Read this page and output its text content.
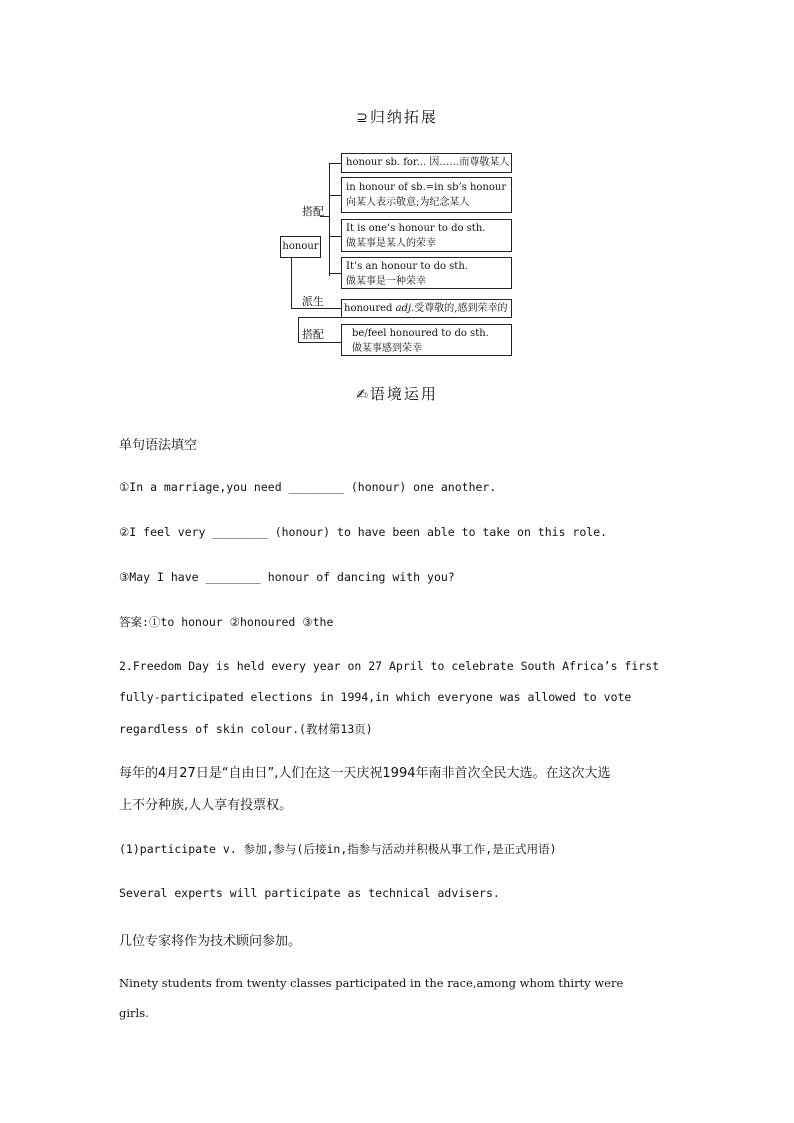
⊇ 归纳拓展
honour
搭配
派生
搭配
honour sb. for... 因……而尊敬某人
in honour of sb.=in sb’s honour
向某人表示敬意;为纪念某人
It is one’s honour to do sth.
做某事是某人的荣幸
It’s an honour to do sth.
做某事是一种荣幸
honoured adj.受尊敬的,感到荣幸的
be/feel honoured to do sth.
做某事感到荣幸
✍ 语境运用
单句语法填空
①In a marriage,you need ________ (honour) one another.
②I feel very ________ (honour) to have been able to take on this role.
③May I have ________ honour of dancing with you?
答案:①to honour ②honoured ③the
2.Freedom Day is held every year on 27 April to celebrate South Africa’s first
fully-participated elections in 1994,in which everyone was allowed to vote
regardless of skin colour.(教材第13页)
每年的4月27日是“自由日”,人们在这一天庆祝1994年南非首次全民大选。在这次大选
上不分种族,人人享有投票权。
(1)participate v. 参加,参与(后接in,指参与活动并积极从事工作,是正式用语)
Several experts will participate as technical advisers.
几位专家将作为技术顾问参加。
Ninety students from twenty classes participated in the race,among whom thirty were
girls.
